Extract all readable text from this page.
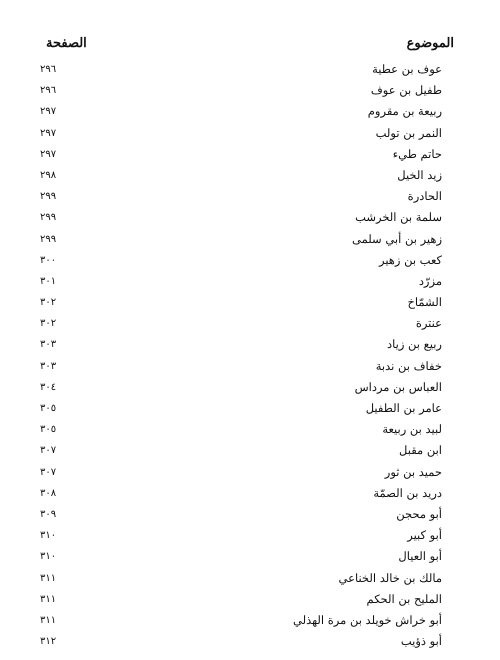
الموضوع
الصفحة
عوف بن عطية
٢٩٦
طفيل بن عوف
٢٩٦
ربيعة بن مقروم
٢٩٧
النمر بن تولب
٢٩٧
حاتم طيء
٢٩٧
زيد الخيل
٢٩٨
الحادرة
٢٩٩
سلمة بن الخرشب
٢٩٩
زهير بن أبي سلمى
٢٩٩
كعب بن زهير
٣٠٠
مزرّد
٣٠١
الشمّاخ
٣٠٢
عنترة
٣٠٢
ربيع بن زياد
٣٠٣
خفاف بن ندبة
٣٠٣
العباس بن مرداس
٣٠٤
عامر بن الطفيل
٣٠٥
لبيد بن ربيعة
٣٠٥
ابن مقبل
٣٠٧
حميد بن ثور
٣٠٧
دريد بن الصمّة
٣٠٨
أبو محجن
٣٠٩
أبو كبير
٣١٠
أبو العيال
٣١٠
مالك بن خالد الخناعي
٣١١
المليح بن الحكم
٣١١
أبو خراش خويلد بن مرة الهذلي
٣١١
أبو ذؤيب
٣١٢
